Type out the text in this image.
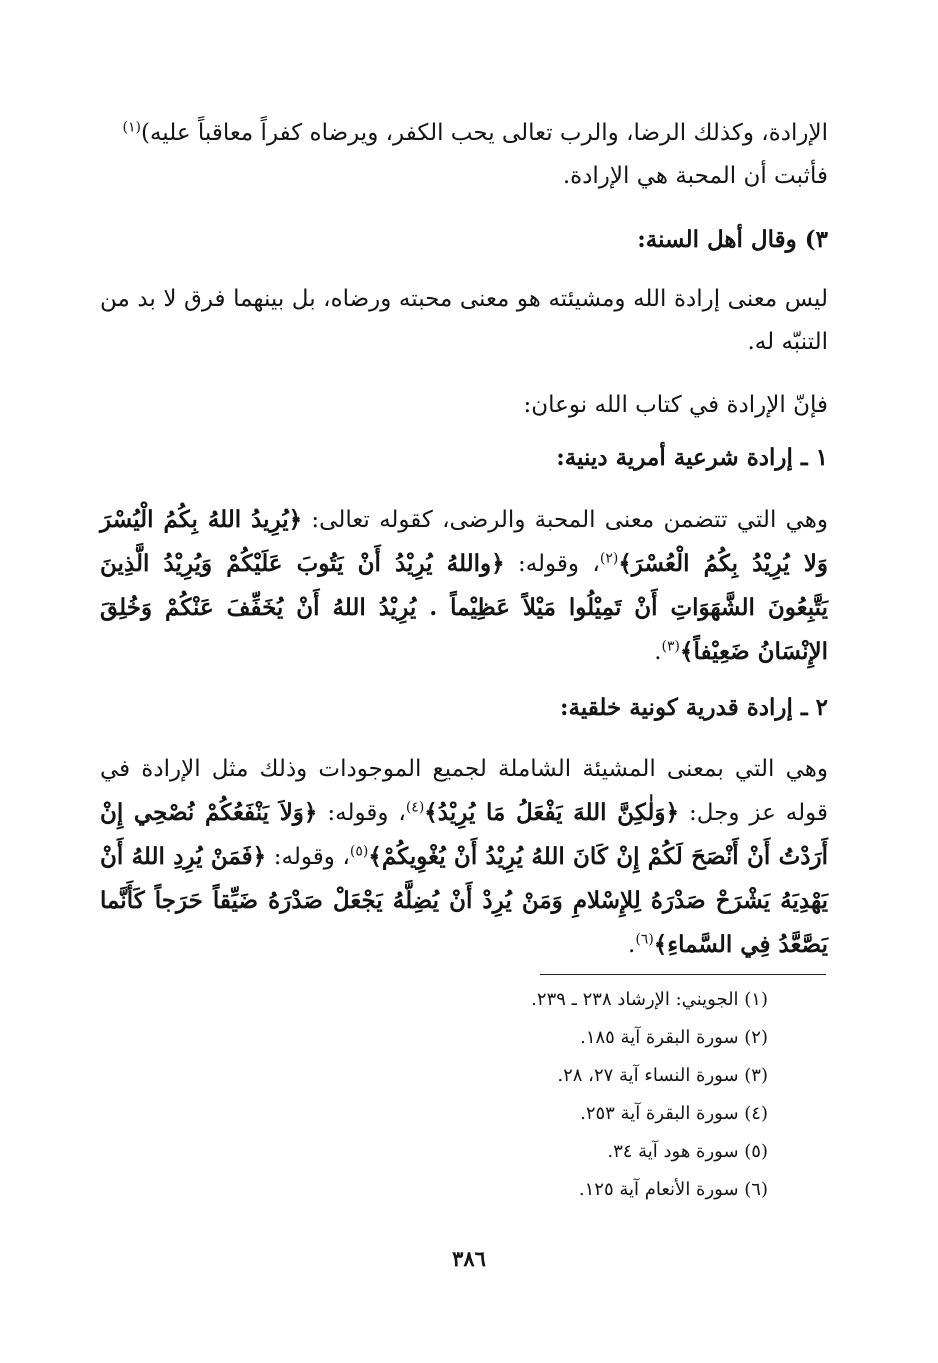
الإرادة، وكذلك الرضا، والرب تعالى يحب الكفر، ويرضاه كفراً معاقباً عليه)$^{(١)}$
فأثبت أن المحبة هي الإرادة.
٣) وقال أهل السنة:
ليس معنى إرادة الله ومشيئته هو معنى محبته ورضاه، بل بينهما فرق لا بد من التنبّه له.
فإنّ الإرادة في كتاب الله نوعان:
١ ـ إرادة شرعية أمرية دينية:
وهي التي تتضمن معنى المحبة والرضى، كقوله تعالى: ﴿يُرِيدُ اللهُ بِكُمُ الْيُسْرَ وَلا يُرِيْدُ بِكُمُ الْعُسْرَ﴾$^{(٢)}$، وقوله: ﴿واللهُ يُرِيْدُ أَنْ يَتُوبَ عَلَيْكُمْ وَيُرِيْدُ الَّذِينَ يَتَّبِعُونَ الشَّهَوَاتِ أَنْ تَمِيْلُوا مَيْلاً عَظِيْماً . يُرِيْدُ اللهُ أَنْ يُخَفِّفَ عَنْكُمْ وَخُلِقَ الإِنْسَانُ ضَعِيْفاً﴾$^{(٣)}$.
٢ ـ إرادة قدرية كونية خلقية:
وهي التي بمعنى المشيئة الشاملة لجميع الموجودات وذلك مثل الإرادة في قوله عز وجل: ﴿وَلٰكِنَّ اللهَ يَفْعَلُ مَا يُرِيْدُ﴾$^{(٤)}$، وقوله: ﴿وَلاَ يَنْفَعُكُمْ نُصْحِي إِنْ أَرَدْتُ أَنْ أَنْصَحَ لَكُمْ إِنْ كَانَ اللهُ يُرِيْدُ أَنْ يُغْوِيكُمْ﴾$^{(٥)}$، وقوله: ﴿فَمَنْ يُرِدِ اللهُ أَنْ يَهْدِيَهُ يَشْرَحْ صَدْرَهُ لِلإِسْلامِ وَمَنْ يُرِدْ أَنْ يُضِلَّهُ يَجْعَلْ صَدْرَهُ ضَيِّقاً حَرَجاً كَأَنَّما يَصَّعَّدُ فِي السَّماءِ﴾$^{(٦)}$.
(١) الجويني: الإرشاد ٢٣٨ ـ ٢٣٩.
(٢) سورة البقرة آية ١٨٥.
(٣) سورة النساء آية ٢٧، ٢٨.
(٤) سورة البقرة آية ٢٥٣.
(٥) سورة هود آية ٣٤.
(٦) سورة الأنعام آية ١٢٥.
٣٨٦
